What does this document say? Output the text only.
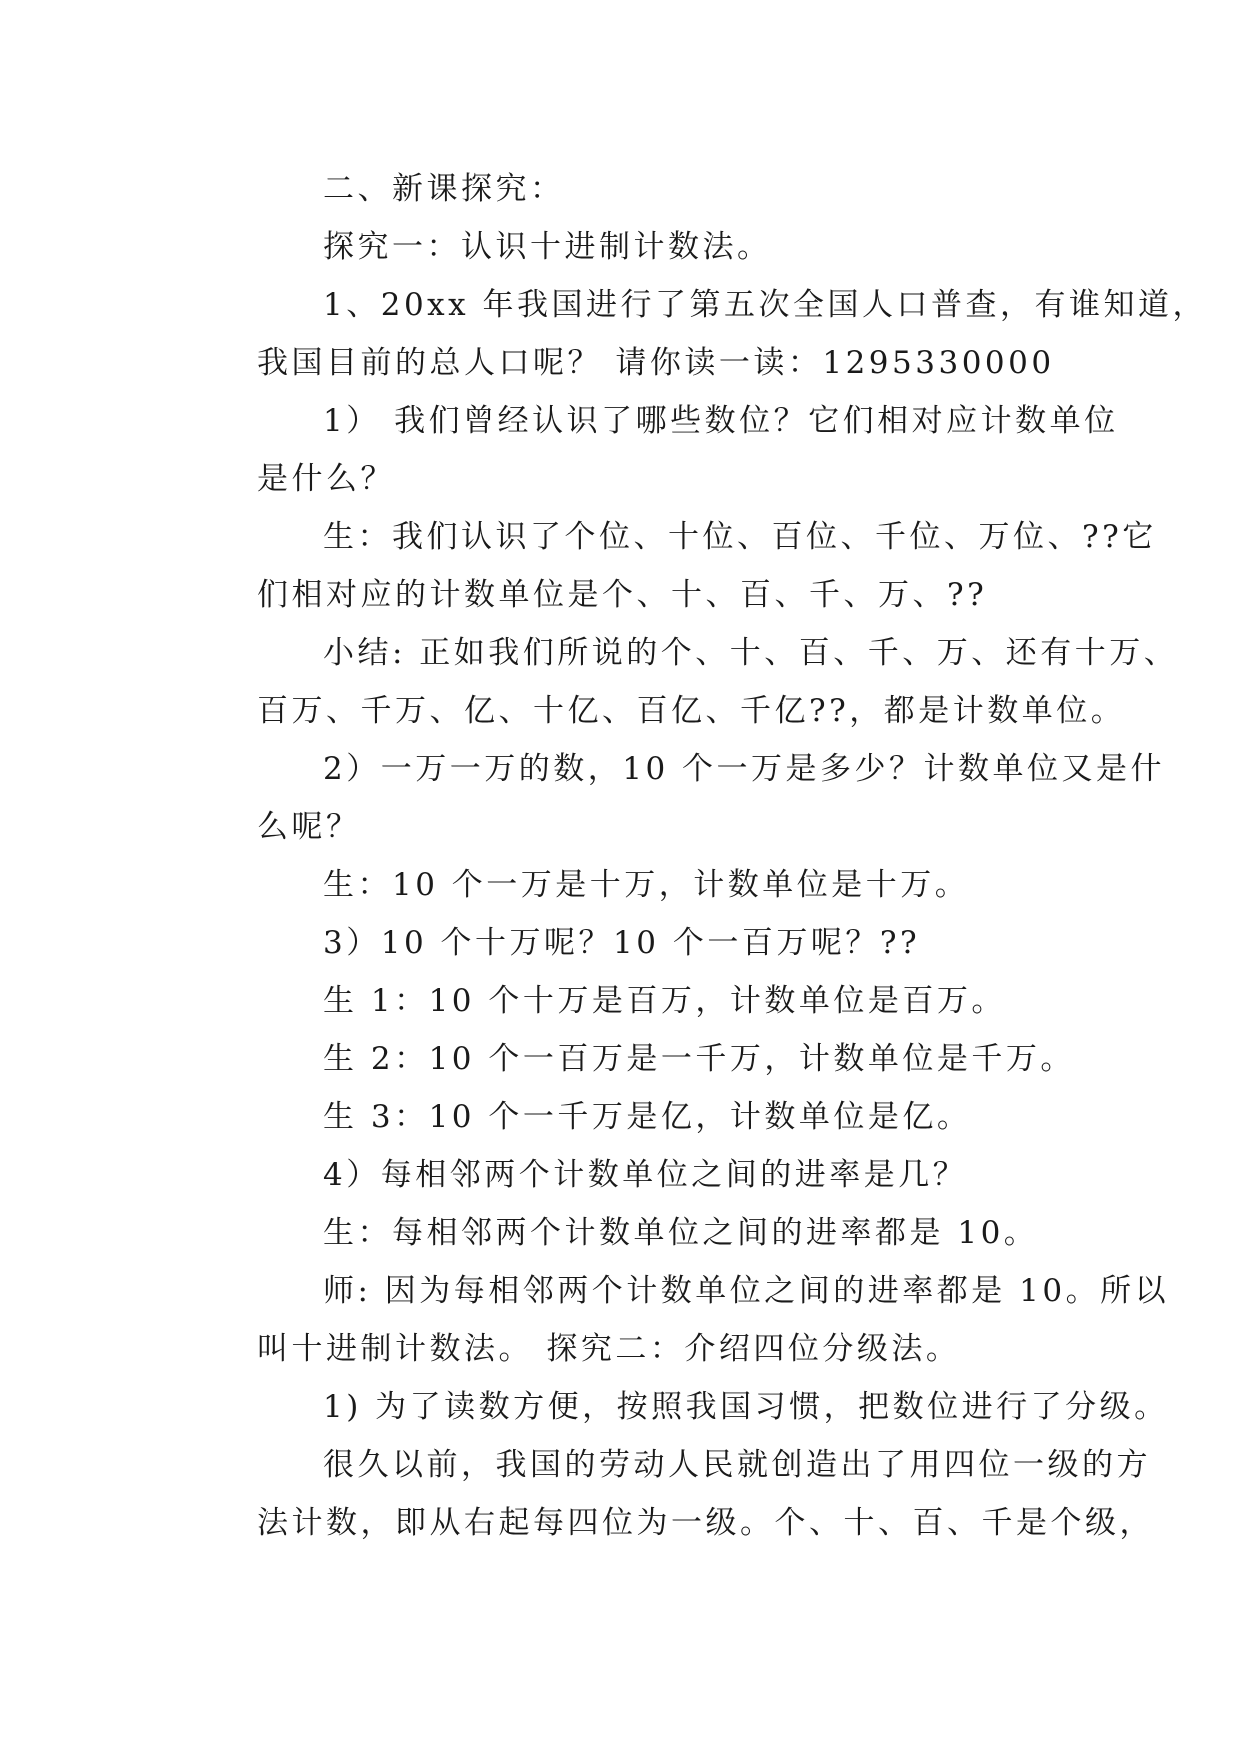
二、新课探究：
探究一：认识十进制计数法。
1、20xx 年我国进行了第五次全国人口普查，有谁知道，
我国目前的总人口呢？ 请你读一读：1295330000
1） 我们曾经认识了哪些数位？它们相对应计数单位
是什么？
生：我们认识了个位、十位、百位、千位、万位、??它
们相对应的计数单位是个、十、百、千、万、??
小结: 正如我们所说的个、十、百、千、万、还有十万、
百万、千万、亿、十亿、百亿、千亿??，都是计数单位。
2）一万一万的数，10 个一万是多少？计数单位又是什
么呢？
生：10 个一万是十万，计数单位是十万。
3）10 个十万呢？10 个一百万呢？??
生 1：10 个十万是百万，计数单位是百万。
生 2：10 个一百万是一千万，计数单位是千万。
生 3：10 个一千万是亿，计数单位是亿。
4）每相邻两个计数单位之间的进率是几？
生：每相邻两个计数单位之间的进率都是 10。
师: 因为每相邻两个计数单位之间的进率都是 10。所以
叫十进制计数法。 探究二：介绍四位分级法。
1) 为了读数方便，按照我国习惯，把数位进行了分级。
很久以前，我国的劳动人民就创造出了用四位一级的方
法计数，即从右起每四位为一级。个、十、百、千是个级，
